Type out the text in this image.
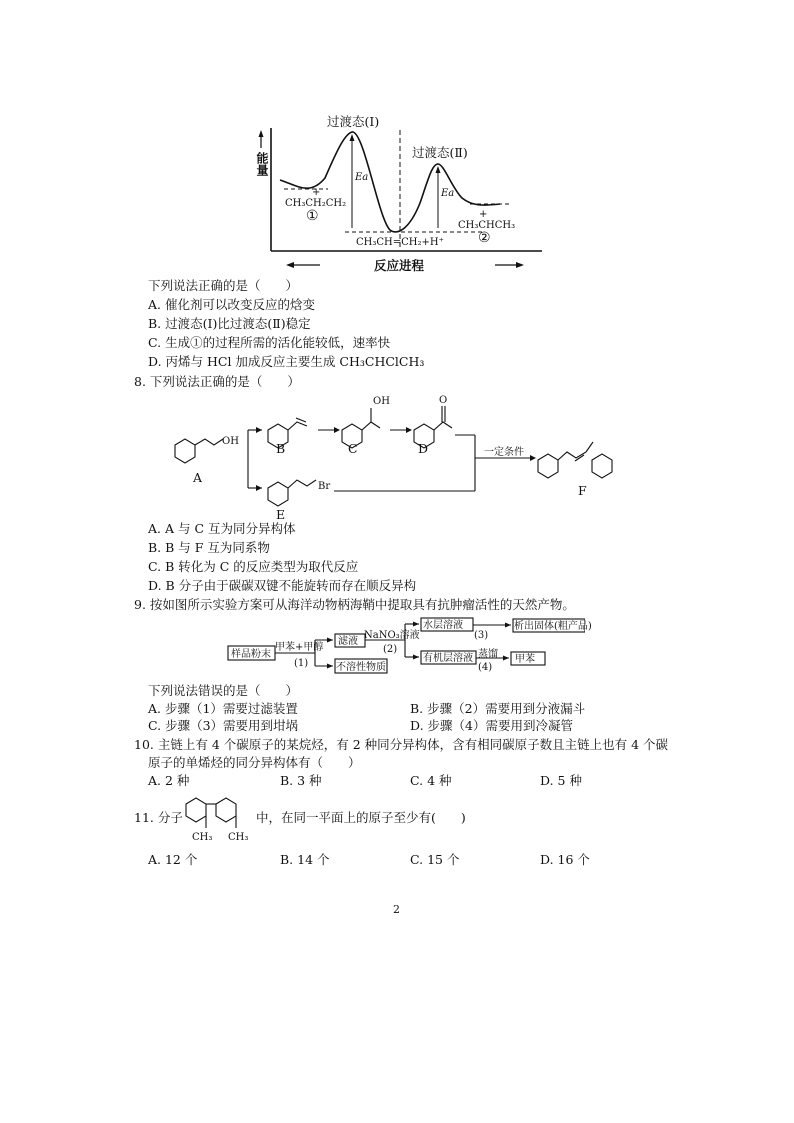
能量
过渡态(Ⅰ)
过渡态(Ⅱ)
Ea
Ea
+
CH₃CH₂CH₂
①
CH₃CH=CH₂+H⁺
+
CH₃CHCH₃
②
反应进程
下列说法正确的是（　　）
A. 催化剂可以改变反应的焓变
B. 过渡态(Ⅰ)比过渡态(Ⅱ)稳定
C. 生成①的过程所需的活化能较低，速率快
D. 丙烯与 HCl 加成反应主要生成 CH₃CHClCH₃
8. 下列说法正确的是（　　）
OH
A
B
OH
C
O
D
Br
E
一定条件
F
A. A 与 C 互为同分异构体
B. B 与 F 互为同系物
C. B 转化为 C 的反应类型为取代反应
D. B 分子由于碳碳双键不能旋转而存在顺反异构
9. 按如图所示实验方案可从海洋动物柄海鞘中提取具有抗肿瘤活性的天然产物。
样品粉末
滤液
不溶性物质
水层溶液
有机层溶液
析出固体(粗产品)
甲苯
甲苯+甲醇
(1)
NaNO₃溶液
(2)
(3)
蒸馏
(4)
下列说法错误的是（　　）
A. 步骤（1）需要过滤装置	B. 步骤（2）需要用到分液漏斗
C. 步骤（3）需要用到坩埚	D. 步骤（4）需要用到冷凝管
10. 主链上有 4 个碳原子的某烷烃，有 2 种同分异构体，含有相同碳原子数且主链上也有 4 个碳
原子的单烯烃的同分异构体有（　　）
A. 2 种	B. 3 种	C. 4 种	D. 5 种
11. 分子
CH₃ CH₃
中，在同一平面上的原子至少有(　　)
A. 12 个	B. 14 个	C. 15 个	D. 16 个
2
